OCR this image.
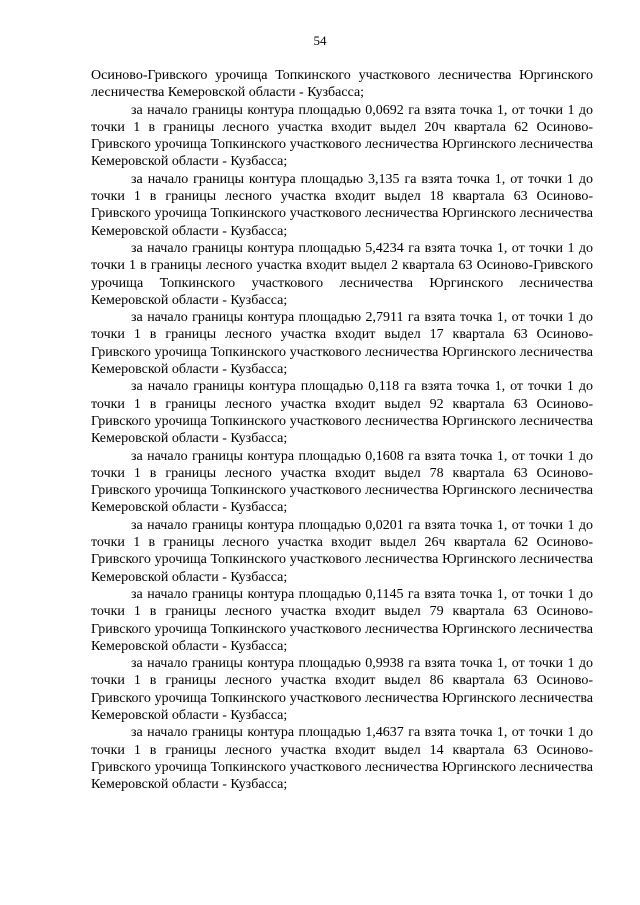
54

Осиново-Гривского урочища Топкинского участкового лесничества Юргинского лесничества Кемеровской области - Кузбасса;

за начало границы контура площадью 0,0692 га взята точка 1, от точки 1 до точки 1 в границы лесного участка входит выдел 20ч квартала 62 Осиново-Гривского урочища Топкинского участкового лесничества Юргинского лесничества Кемеровской области - Кузбасса;

за начало границы контура площадью 3,135 га взята точка 1, от точки 1 до точки 1 в границы лесного участка входит выдел 18 квартала 63 Осиново-Гривского урочища Топкинского участкового лесничества Юргинского лесничества Кемеровской области - Кузбасса;

за начало границы контура площадью 5,4234 га взята точка 1, от точки 1 до точки 1 в границы лесного участка входит выдел 2 квартала 63 Осиново-Гривского урочища Топкинского участкового лесничества Юргинского лесничества Кемеровской области - Кузбасса;

за начало границы контура площадью 2,7911 га взята точка 1, от точки 1 до точки 1 в границы лесного участка входит выдел 17 квартала 63 Осиново-Гривского урочища Топкинского участкового лесничества Юргинского лесничества Кемеровской области - Кузбасса;

за начало границы контура площадью 0,118 га взята точка 1, от точки 1 до точки 1 в границы лесного участка входит выдел 92 квартала 63 Осиново-Гривского урочища Топкинского участкового лесничества Юргинского лесничества Кемеровской области - Кузбасса;

за начало границы контура площадью 0,1608 га взята точка 1, от точки 1 до точки 1 в границы лесного участка входит выдел 78 квартала 63 Осиново-Гривского урочища Топкинского участкового лесничества Юргинского лесничества Кемеровской области - Кузбасса;

за начало границы контура площадью 0,0201 га взята точка 1, от точки 1 до точки 1 в границы лесного участка входит выдел 26ч квартала 62 Осиново-Гривского урочища Топкинского участкового лесничества Юргинского лесничества Кемеровской области - Кузбасса;

за начало границы контура площадью 0,1145 га взята точка 1, от точки 1 до точки 1 в границы лесного участка входит выдел 79 квартала 63 Осиново-Гривского урочища Топкинского участкового лесничества Юргинского лесничества Кемеровской области - Кузбасса;

за начало границы контура площадью 0,9938 га взята точка 1, от точки 1 до точки 1 в границы лесного участка входит выдел 86 квартала 63 Осиново-Гривского урочища Топкинского участкового лесничества Юргинского лесничества Кемеровской области - Кузбасса;

за начало границы контура площадью 1,4637 га взята точка 1, от точки 1 до точки 1 в границы лесного участка входит выдел 14 квартала 63 Осиново-Гривского урочища Топкинского участкового лесничества Юргинского лесничества Кемеровской области - Кузбасса;
